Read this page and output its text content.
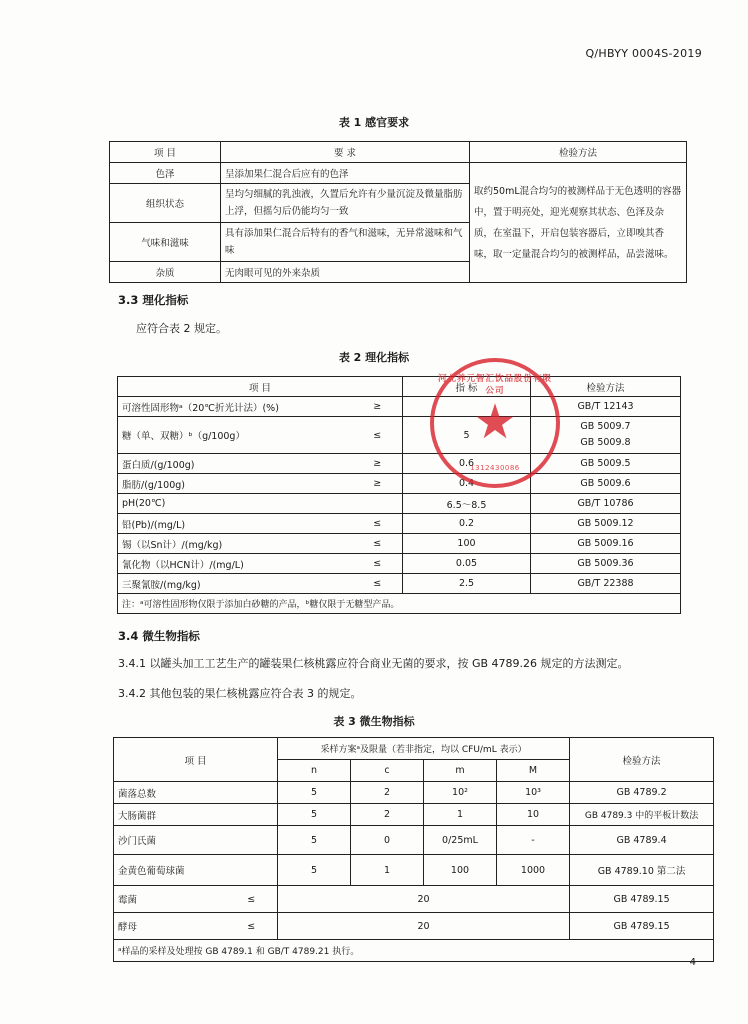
Q/HBYY 0004S-2019
表 1 感官要求
项 目	要 求	检验方法
色泽	呈添加果仁混合后应有的色泽	取约50mL混合均匀的被测样品于无色透明的容器中，置于明亮处，迎光观察其状态、色泽及杂质，在室温下，开启包装容器后，立即嗅其香味，取一定量混合均匀的被测样品，品尝滋味。
组织状态	呈均匀细腻的乳浊液，久置后允许有少量沉淀及微量脂肪上浮，但摇匀后仍能均匀一致	
气味和滋味	具有添加果仁混合后特有的香气和滋味，无异常滋味和气味	
杂质	无肉眼可见的外来杂质	
3.3 理化指标
应符合表 2 规定。
表 2 理化指标
项 目		指 标	检验方法
可溶性固形物ᵃ（20℃折光计法）(%)	≥		GB/T 12143
糖（单、双糖）ᵇ（g/100g）	≤	5	GB 5009.7
GB 5009.8
蛋白质/(g/100g)	≥	0.6	GB 5009.5
脂肪/(g/100g)	≥	0.4	GB 5009.6
pH(20℃)		6.5～8.5	GB/T 10786
铅(Pb)/(mg/L)	≤	0.2	GB 5009.12
锡（以Sn计）/(mg/kg)	≤	100	GB 5009.16
氰化物（以HCN计）/(mg/L)	≤	0.05	GB 5009.36
三聚氰胺/(mg/kg)	≤	2.5	GB/T 22388
注：ᵃ可溶性固形物仅限于添加白砂糖的产品，ᵇ糖仅限于无糖型产品。			
河北养元智汇饮品股份有限公司
★
1312430086
3.4 微生物指标
3.4.1 以罐头加工工艺生产的罐装果仁核桃露应符合商业无菌的要求，按 GB 4789.26 规定的方法测定。
3.4.2 其他包装的果仁核桃露应符合表 3 的规定。
表 3 微生物指标
项 目		采样方案ᵃ及限量（若非指定，均以 CFU/mL 表示）				检验方法
		n	c	m	M	
菌落总数		5	2	10²	10³	GB 4789.2
大肠菌群		5	2	1	10	GB 4789.3 中的平板计数法
沙门氏菌		5	0	0/25mL	-	GB 4789.4
金黄色葡萄球菌		5	1	100	1000	GB 4789.10 第二法
霉菌	≤	20				GB 4789.15
酵母	≤	20				GB 4789.15
ᵃ样品的采样及处理按 GB 4789.1 和 GB/T 4789.21 执行。						
4
